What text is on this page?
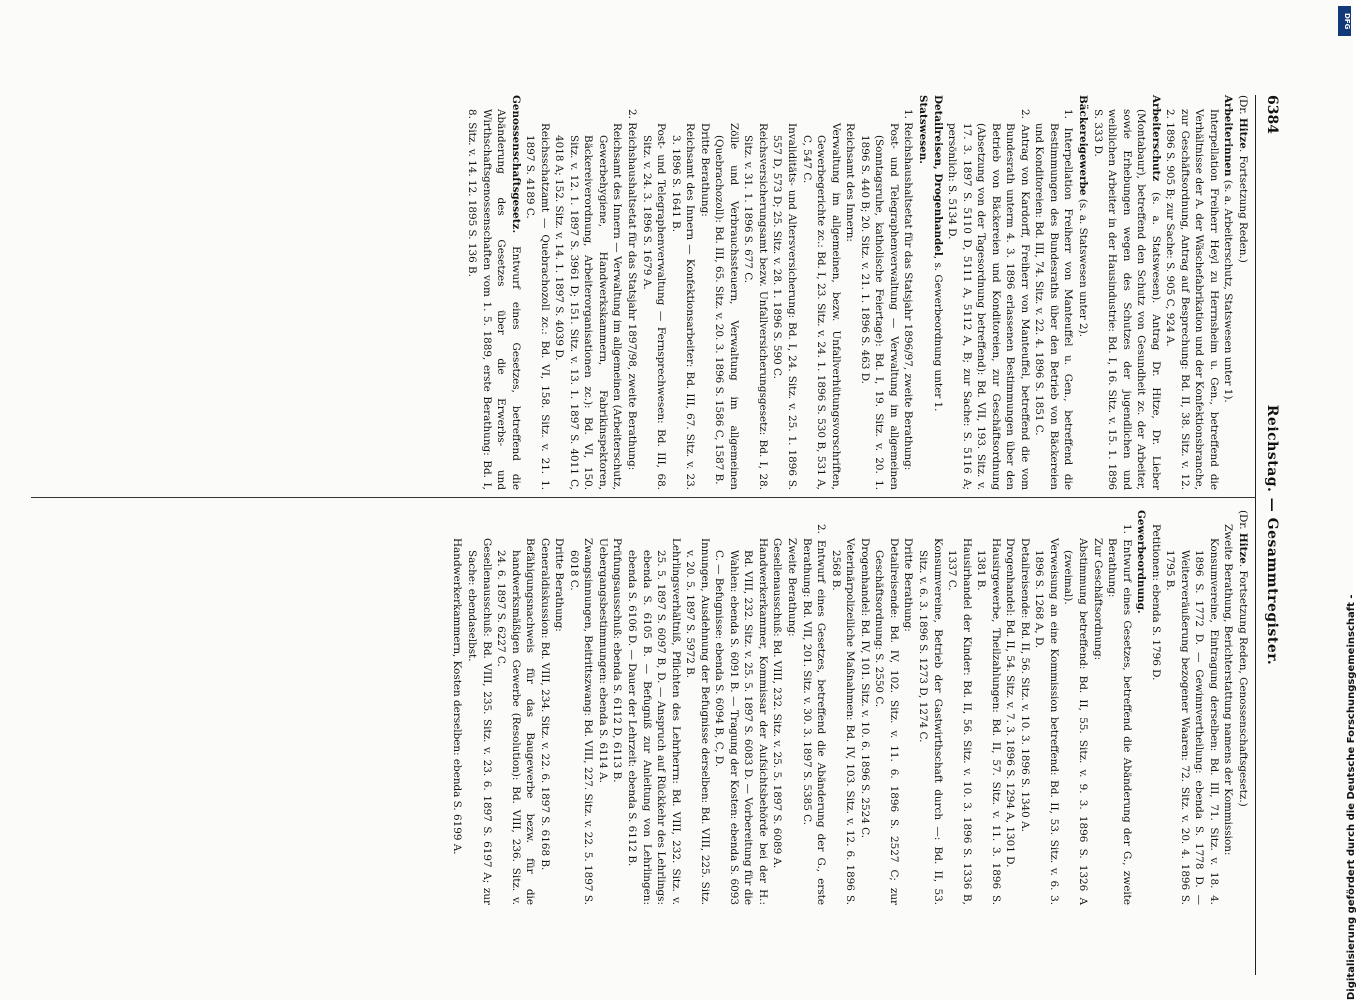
6384
Reichstag. — Gesammtregister.

(Dr. Hitze. Fortsetzung Reden.)

Arbeiterinnen (s. a. Arbeiterschutz, Statswesen unter 1).

Interpellation Freiherr Heyl zu Herrnsheim u. Gen., betreffend die Verhältnisse der A. der Wäschefabrikation und der Konfektionsbranche, zur Geschäftsordnung, Antrag auf Besprechung: Bd. II, 38. Sitz. v. 12. 2. 1896 S. 905 B; zur Sache: S. 905 C, 924 A.

Arbeiterschutz (s. a. Statswesen). Antrag Dr. Hitze, Dr. Lieber (Montabaur), betreffend den Schutz von Gesundheit zc. der Arbeiter, sowie Erhebungen wegen des Schutzes der jugendlichen und weiblichen Arbeiter in der Hausindustrie: Bd. I, 16. Sitz. v. 15. 1. 1896 S. 333 D.

Bäckereigewerbe (s. a. Statswesen unter 2).

1. Interpellation Freiherr von Manteuffel u. Gen., betreffend die Bestimmungen des Bundesraths über den Betrieb von Bäckereien und Konditoreien: Bd. III, 74. Sitz. v. 22. 4. 1896 S. 1851 C.

2. Antrag von Kardorff, Freiherr von Manteuffel, betreffend die vom Bundesrath unterm 4. 3. 1896 erlassenen Bestimmungen über den Betrieb von Bäckereien und Konditoreien, zur Geschäftsordnung (Absetzung von der Tagesordnung betreffend): Bd. VII, 193. Sitz. v. 17. 3. 1897 S. 5110 D, 5111 A, 5112 A, B; zur Sache: S. 5116 A; persönlich: S. 5134 D.

Detailreisen, Drogenhandel, s. Gewerbeordnung unter 1.

Statswesen.

1. Reichshaushaltsetat für das Statsjahr 1896/97, zweite Berathung:

Post- und Telegraphenverwaltung — Verwaltung im allgemeinen (Sonntagsruhe, katholische Feiertage): Bd. I, 19. Sitz. v. 20. 1. 1896 S. 440 B; 20. Sitz. v. 21. 1. 1896 S. 463 D.

Reichsamt des Innern:

Verwaltung im allgemeinen, bezw. Unfallverhütungsvorschriften, Gewerbegerichte zc.: Bd. I, 23. Sitz. v. 24. 1. 1896 S. 530 B, 531 A, C, 547 C.

Invaliditäts- und Altersversicherung: Bd. I, 24. Sitz. v. 25. 1. 1896 S. 557 D, 573 D; 25. Sitz. v. 28. 1. 1896 S. 590 C.

Reichsversicherungsamt bezw. Unfallversicherungsgesetz: Bd. I, 28. Sitz. v. 31. 1. 1896 S. 677 C.

Zölle und Verbrauchssteuern, Verwaltung im allgemeinen (Quebrachozoll): Bd. III, 65. Sitz. v. 20. 3. 1896 S. 1586 C, 1587 B.

Dritte Berathung:

Reichsamt des Innern — Konfektionsarbeiter: Bd. III, 67. Sitz. v. 23. 3. 1896 S. 1641 B.

Post- und Telegraphenverwaltung — Fernsprechwesen: Bd. III, 68. Sitz. v. 24. 3. 1896 S. 1679 A.

2. Reichshaushaltsetat für das Statsjahr 1897/98, zweite Berathung:

Reichsamt des Innern — Verwaltung im allgemeinen (Arbeiterschutz, Gewerbehygiene, Handwerkskammern, Fabrikinspektoren, Bäckereiverordnung, Arbeiterorganisationen zc.): Bd. VI, 150. Sitz. v. 12. 1. 1897 S. 3961 D; 151. Sitz. v. 13. 1. 1897 S. 4011 C, 4018 A; 152. Sitz. v. 14. 1. 1897 S. 4039 D.

Reichsschatzamt — Quebrachozoll zc.: Bd. VI, 158. Sitz. v. 21. 1. 1897 S. 4189 C.

Genossenschaftsgesetz. Entwurf eines Gesetzes, betreffend die Abänderung des Gesetzes über die Erwerbs- und Wirthschaftsgenossenschaften vom 1. 5. 1889, erste Berathung: Bd. I, 8. Sitz. v. 14. 12. 1895 S. 136 B.

(Dr. Hitze. Fortsetzung Reden, Genossenschaftsgesetz.)

Zweite Berathung, Berichterstattung namens der Kommission:

Konsumvereine, Eintragung derselben: Bd. III, 71. Sitz. v. 18. 4. 1896 S. 1772 D. — Gewinnvertheilung: ebenda S. 1778 D. — Weiterveräußerung bezogener Waaren: 72. Sitz. v. 20. 4. 1896 S. 1795 B.

Petitionen: ebenda S. 1796 D.

Gewerbeordnung.

1. Entwurf eines Gesetzes, betreffend die Abänderung der G., zweite Berathung:

Zur Geschäftsordnung:

Abstimmung betreffend: Bd. II, 55. Sitz. v. 9. 3. 1896 S. 1326 A (zweimal).

Verweisung an eine Kommission betreffend: Bd. II, 53. Sitz. v. 6. 3. 1896 S. 1268 A, D.

Detailreisende: Bd. II, 56. Sitz. v. 10. 3. 1896 S. 1340 A.

Drogenhandel: Bd. II, 54. Sitz. v. 7. 3. 1896 S. 1294 A, 1301 D.

Hausirgewerbe, Theilzahlungen: Bd. II, 57. Sitz. v. 11. 3. 1896 S. 1381 B.

Hausirhandel der Kinder: Bd. II, 56. Sitz. v. 10. 3. 1896 S. 1336 B, 1337 C.

Konsumvereine, Betrieb der Gastwirthschaft durch —: Bd. II, 53. Sitz. v. 6. 3. 1896 S. 1273 D, 1274 C.

Dritte Berathung:

Detailreisende: Bd. IV, 102. Sitz. v. 11. 6. 1896 S. 2527 C; zur Geschäftsordnung: S. 2550 C.

Drogenhandel: Bd. IV, 101. Sitz. v. 10. 6. 1896 S. 2524 C.

Veterinärpolizeiliche Maßnahmen: Bd. IV, 103. Sitz. v. 12. 6. 1896 S. 2568 B.

2. Entwurf eines Gesetzes, betreffend die Abänderung der G., erste Berathung: Bd. VII, 201. Sitz. v. 30. 3. 1897 S. 5385 C.

Zweite Berathung:

Gesellenausschuß: Bd. VIII, 232. Sitz. v. 25. 5. 1897 S. 6089 A.

Handwerkerkammer, Kommissar der Aufsichtsbehörde bei der H.: Bd. VIII, 232. Sitz. v. 25. 5. 1897 S. 6083 D. — Vorbereitung für die Wahlen: ebenda S. 6091 B. — Tragung der Kosten: ebenda S. 6093 C. — Befugnisse: ebenda S. 6094 B, C, D.

Innungen, Ausdehnung der Befugnisse derselben: Bd. VIII, 225. Sitz. v. 20. 5. 1897 S. 5972 B.

Lehrlingsverhältniß, Pflichten des Lehrherrn: Bd. VIII, 232. Sitz. v. 25. 5. 1897 S. 6097 B, D. — Anspruch auf Rückkehr des Lehrlings: ebenda S. 6105 B. — Befugniß zur Anleitung von Lehrlingen: ebenda S. 6106 D. — Dauer der Lehrzeit: ebenda S. 6112 B.

Prüfungsausschuß: ebenda S. 6112 D, 6113 B.

Uebergangsbestimmungen: ebenda S. 6114 A.

Zwangsinnungen, Beitrittszwang: Bd. VIII, 227. Sitz. v. 22. 5. 1897 S. 6018 C.

Dritte Berathung:

Generaldiskussion: Bd. VIII, 234. Sitz. v. 22. 6. 1897 S. 6168 B.

Befähigungsnachweis für das Baugewerbe bezw. für die handwerksmäßigen Gewerbe (Resolution): Bd. VIII, 236. Sitz. v. 24. 6. 1897 S. 6227 C.

Gesellenausschuß: Bd. VIII, 235. Sitz. v. 23. 6. 1897 S. 6197 A; zur Sache: ebendaselbst.

Handwerkerkammern, Kosten derselben: ebenda S. 6199 A.	Digitalisierung gefördert durch die Deutsche Forschungsgemeinschaft -
DFG
